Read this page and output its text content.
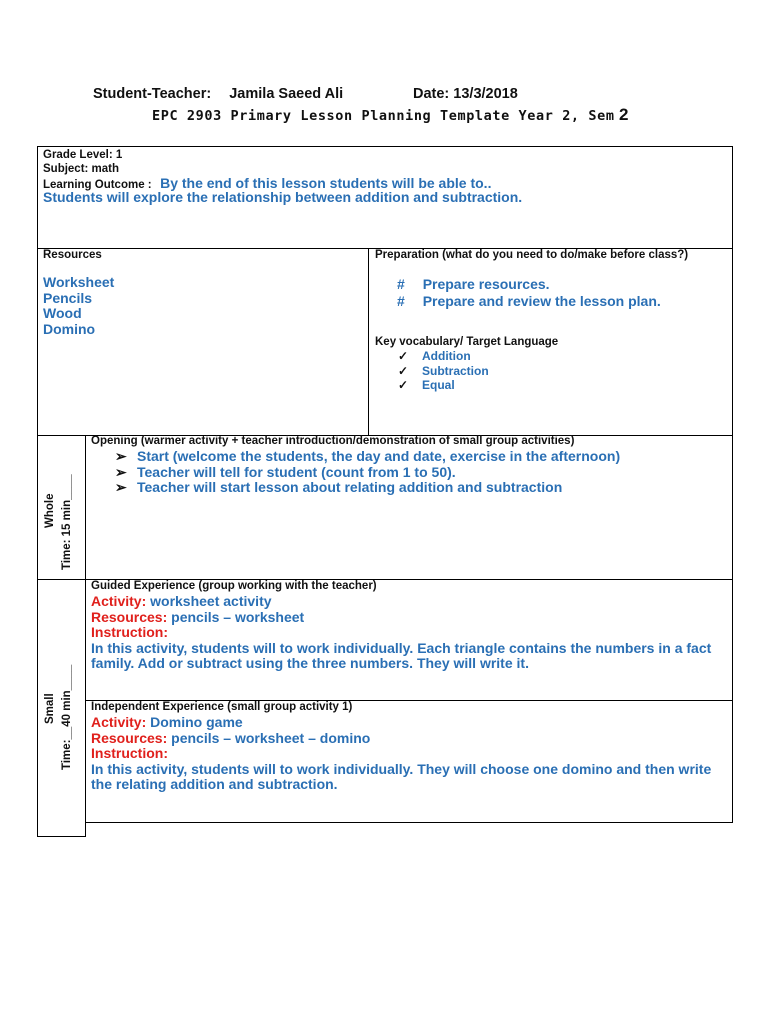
Student-Teacher: Jamila Saeed Ali	Date: 13/3/2018
EPC 2903 Primary Lesson Planning Template Year 2, Sem 2
Grade Level: 1
Subject: math
Learning Outcome : By the end of this lesson students will be able to..
Students will explore the relationship between addition and subtraction.
Resources
Worksheet
Pencils
Wood
Domino
Preparation (what do you need to do/make before class?)
# Prepare resources.
# Prepare and review the lesson plan.
Key vocabulary/ Target Language
✓ Addition
✓ Subtraction
✓ Equal
Whole Time: 15 min____
Opening (warmer activity + teacher introduction/demonstration of small group activities)
➢ Start (welcome the students, the day and date, exercise in the afternoon)
➢ Teacher will tell for student (count from 1 to 50).
➢ Teacher will start lesson about relating addition and subtraction
Small Time:__40 min____
Guided Experience (group working with the teacher)
Activity: worksheet activity
Resources: pencils – worksheet
Instruction:
In this activity, students will to work individually. Each triangle contains the numbers in a fact family. Add or subtract using the three numbers. They will write it.
Independent Experience (small group activity 1)
Activity: Domino game
Resources: pencils – worksheet – domino
Instruction:
In this activity, students will to work individually. They will choose one domino and then write the relating addition and subtraction.
